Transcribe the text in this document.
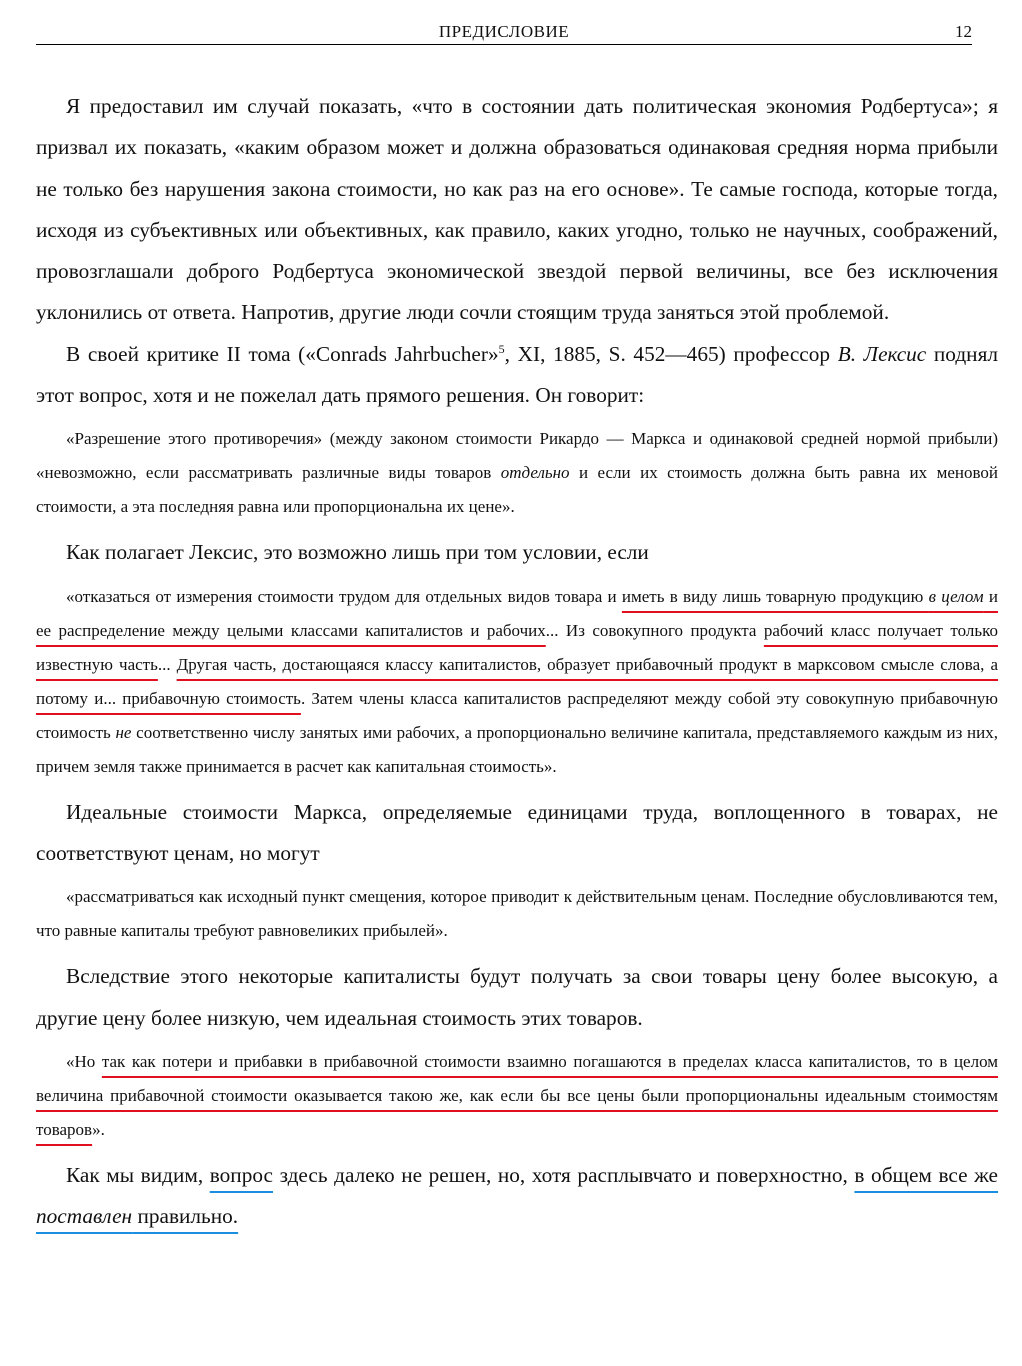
ПРЕДИСЛОВИЕ	12

Я предоставил им случай показать, «что в состоянии дать политическая экономия Родбертуса»; я призвал их показать, «каким образом может и должна образоваться одинаковая средняя норма прибыли не только без нарушения закона стоимости, но как раз на его основе». Те самые господа, которые тогда, исходя из субъективных или объективных, как правило, каких угодно, только не научных, соображений, провозглашали доброго Родбертуса экономической звездой первой величины, все без исключения уклонились от ответа. Напротив, другие люди сочли стоящим труда заняться этой проблемой.

В своей критике II тома («Conrads Jahrbucher»$^5$, XI, 1885, S. 452—465) профессор В. Лексис поднял этот вопрос, хотя и не пожелал дать прямого решения. Он говорит:

«Разрешение этого противоречия» (между законом стоимости Рикардо — Маркса и одинаковой средней нормой прибыли) «невозможно, если рассматривать различные виды товаров отдельно и если их стоимость должна быть равна их меновой стоимости, а эта последняя равна или пропорциональна их цене».

Как полагает Лексис, это возможно лишь при том условии, если

«отказаться от измерения стоимости трудом для отдельных видов товара и иметь в виду лишь товарную продукцию в целом и ее распределение между целыми классами капиталистов и рабочих... Из совокупного продукта рабочий класс получает только известную часть... Другая часть, достающаяся классу капиталистов, образует прибавочный продукт в марксовом смысле слова, а потому и... прибавочную стоимость. Затем члены класса капиталистов распределяют между собой эту совокупную прибавочную стоимость не соответственно числу занятых ими рабочих, а пропорционально величине капитала, представляемого каждым из них, причем земля также принимается в расчет как капитальная стоимость».

Идеальные стоимости Маркса, определяемые единицами труда, воплощенного в товарах, не соответствуют ценам, но могут

«рассматриваться как исходный пункт смещения, которое приводит к действительным ценам. Последние обусловливаются тем, что равные капиталы требуют равновеликих прибылей».

Вследствие этого некоторые капиталисты будут получать за свои товары цену более высокую, а другие цену более низкую, чем идеальная стоимость этих товаров.

«Но так как потери и прибавки в прибавочной стоимости взаимно погашаются в пределах класса капиталистов, то в целом величина прибавочной стоимости оказывается такою же, как если бы все цены были пропорциональны идеальным стоимостям товаров».

Как мы видим, вопрос здесь далеко не решен, но, хотя расплывчато и поверхностно, в общем все же поставлен правильно.
